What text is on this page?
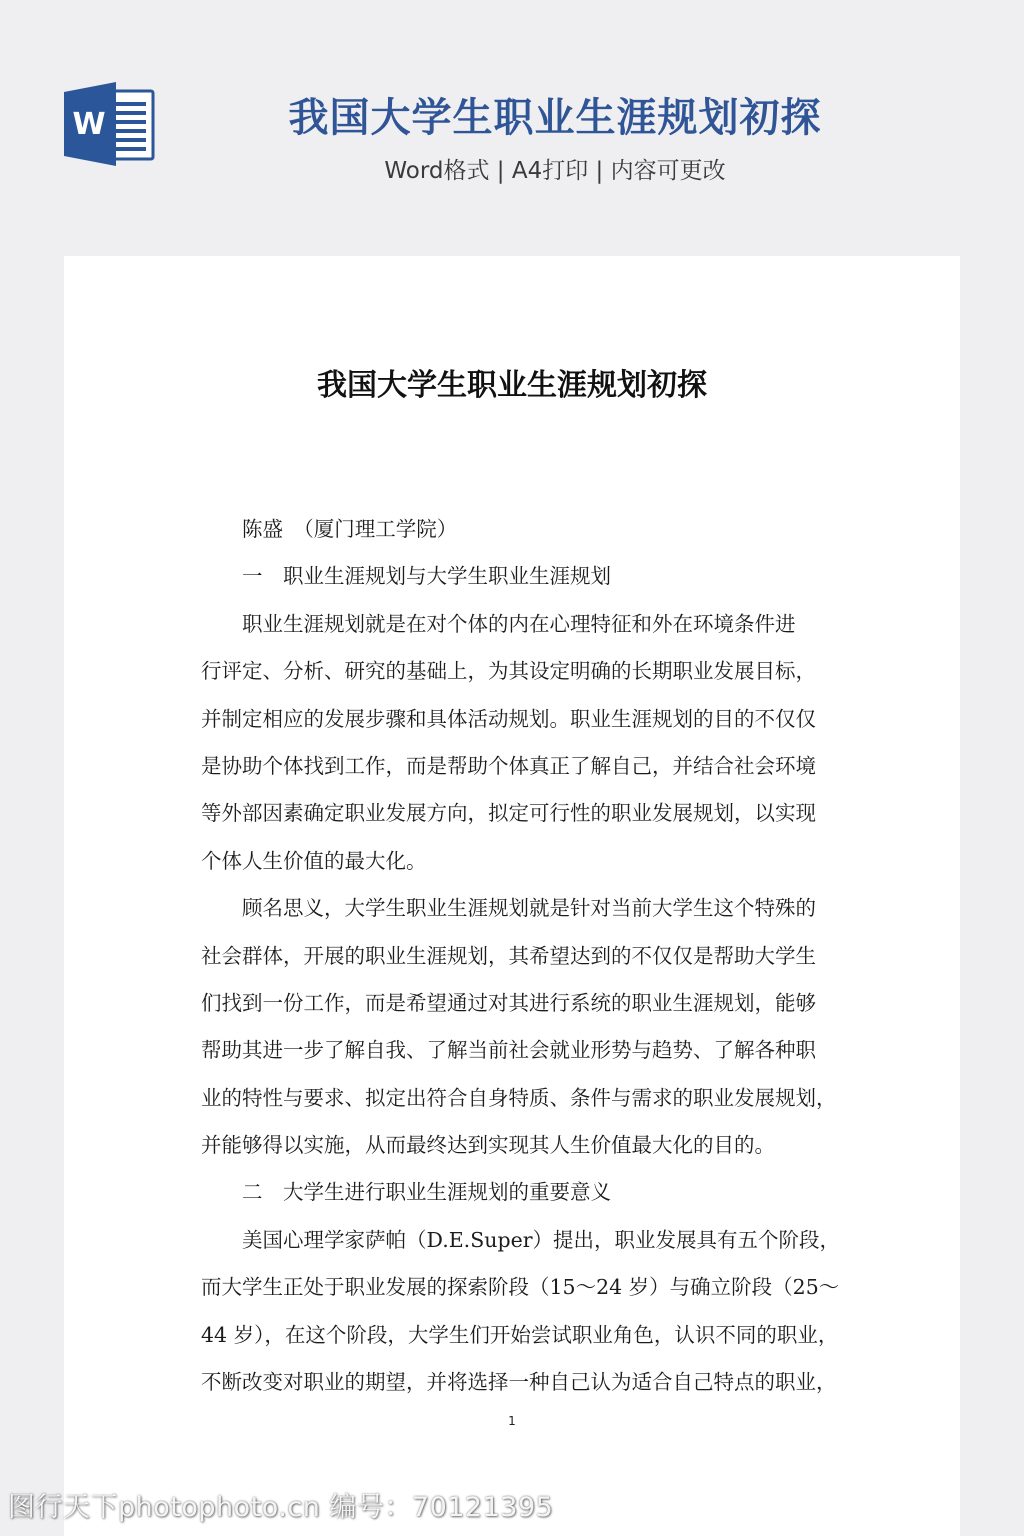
W	我国大学生职业生涯规划初探
Word格式 | A4打印 | 内容可更改
我国大学生职业生涯规划初探
陈盛　（厦门理工学院）
一　职业生涯规划与大学生职业生涯规划
职业生涯规划就是在对个体的内在心理特征和外在环境条件进
行评定、分析、研究的基础上，为其设定明确的长期职业发展目标，
并制定相应的发展步骤和具体活动规划。职业生涯规划的目的不仅仅
是协助个体找到工作，而是帮助个体真正了解自己，并结合社会环境
等外部因素确定职业发展方向，拟定可行性的职业发展规划，以实现
个体人生价值的最大化。
顾名思义，大学生职业生涯规划就是针对当前大学生这个特殊的
社会群体，开展的职业生涯规划，其希望达到的不仅仅是帮助大学生
们找到一份工作，而是希望通过对其进行系统的职业生涯规划，能够
帮助其进一步了解自我、了解当前社会就业形势与趋势、了解各种职
业的特性与要求、拟定出符合自身特质、条件与需求的职业发展规划，
并能够得以实施，从而最终达到实现其人生价值最大化的目的。
二　大学生进行职业生涯规划的重要意义
美国心理学家萨帕（D.E.Super）提出，职业发展具有五个阶段，
而大学生正处于职业发展的探索阶段（15～24 岁）与确立阶段（25～
44 岁），在这个阶段，大学生们开始尝试职业角色，认识不同的职业，
不断改变对职业的期望，并将选择一种自己认为适合自己特点的职业，
1
图行天下photophoto.cn 编号：70121395
